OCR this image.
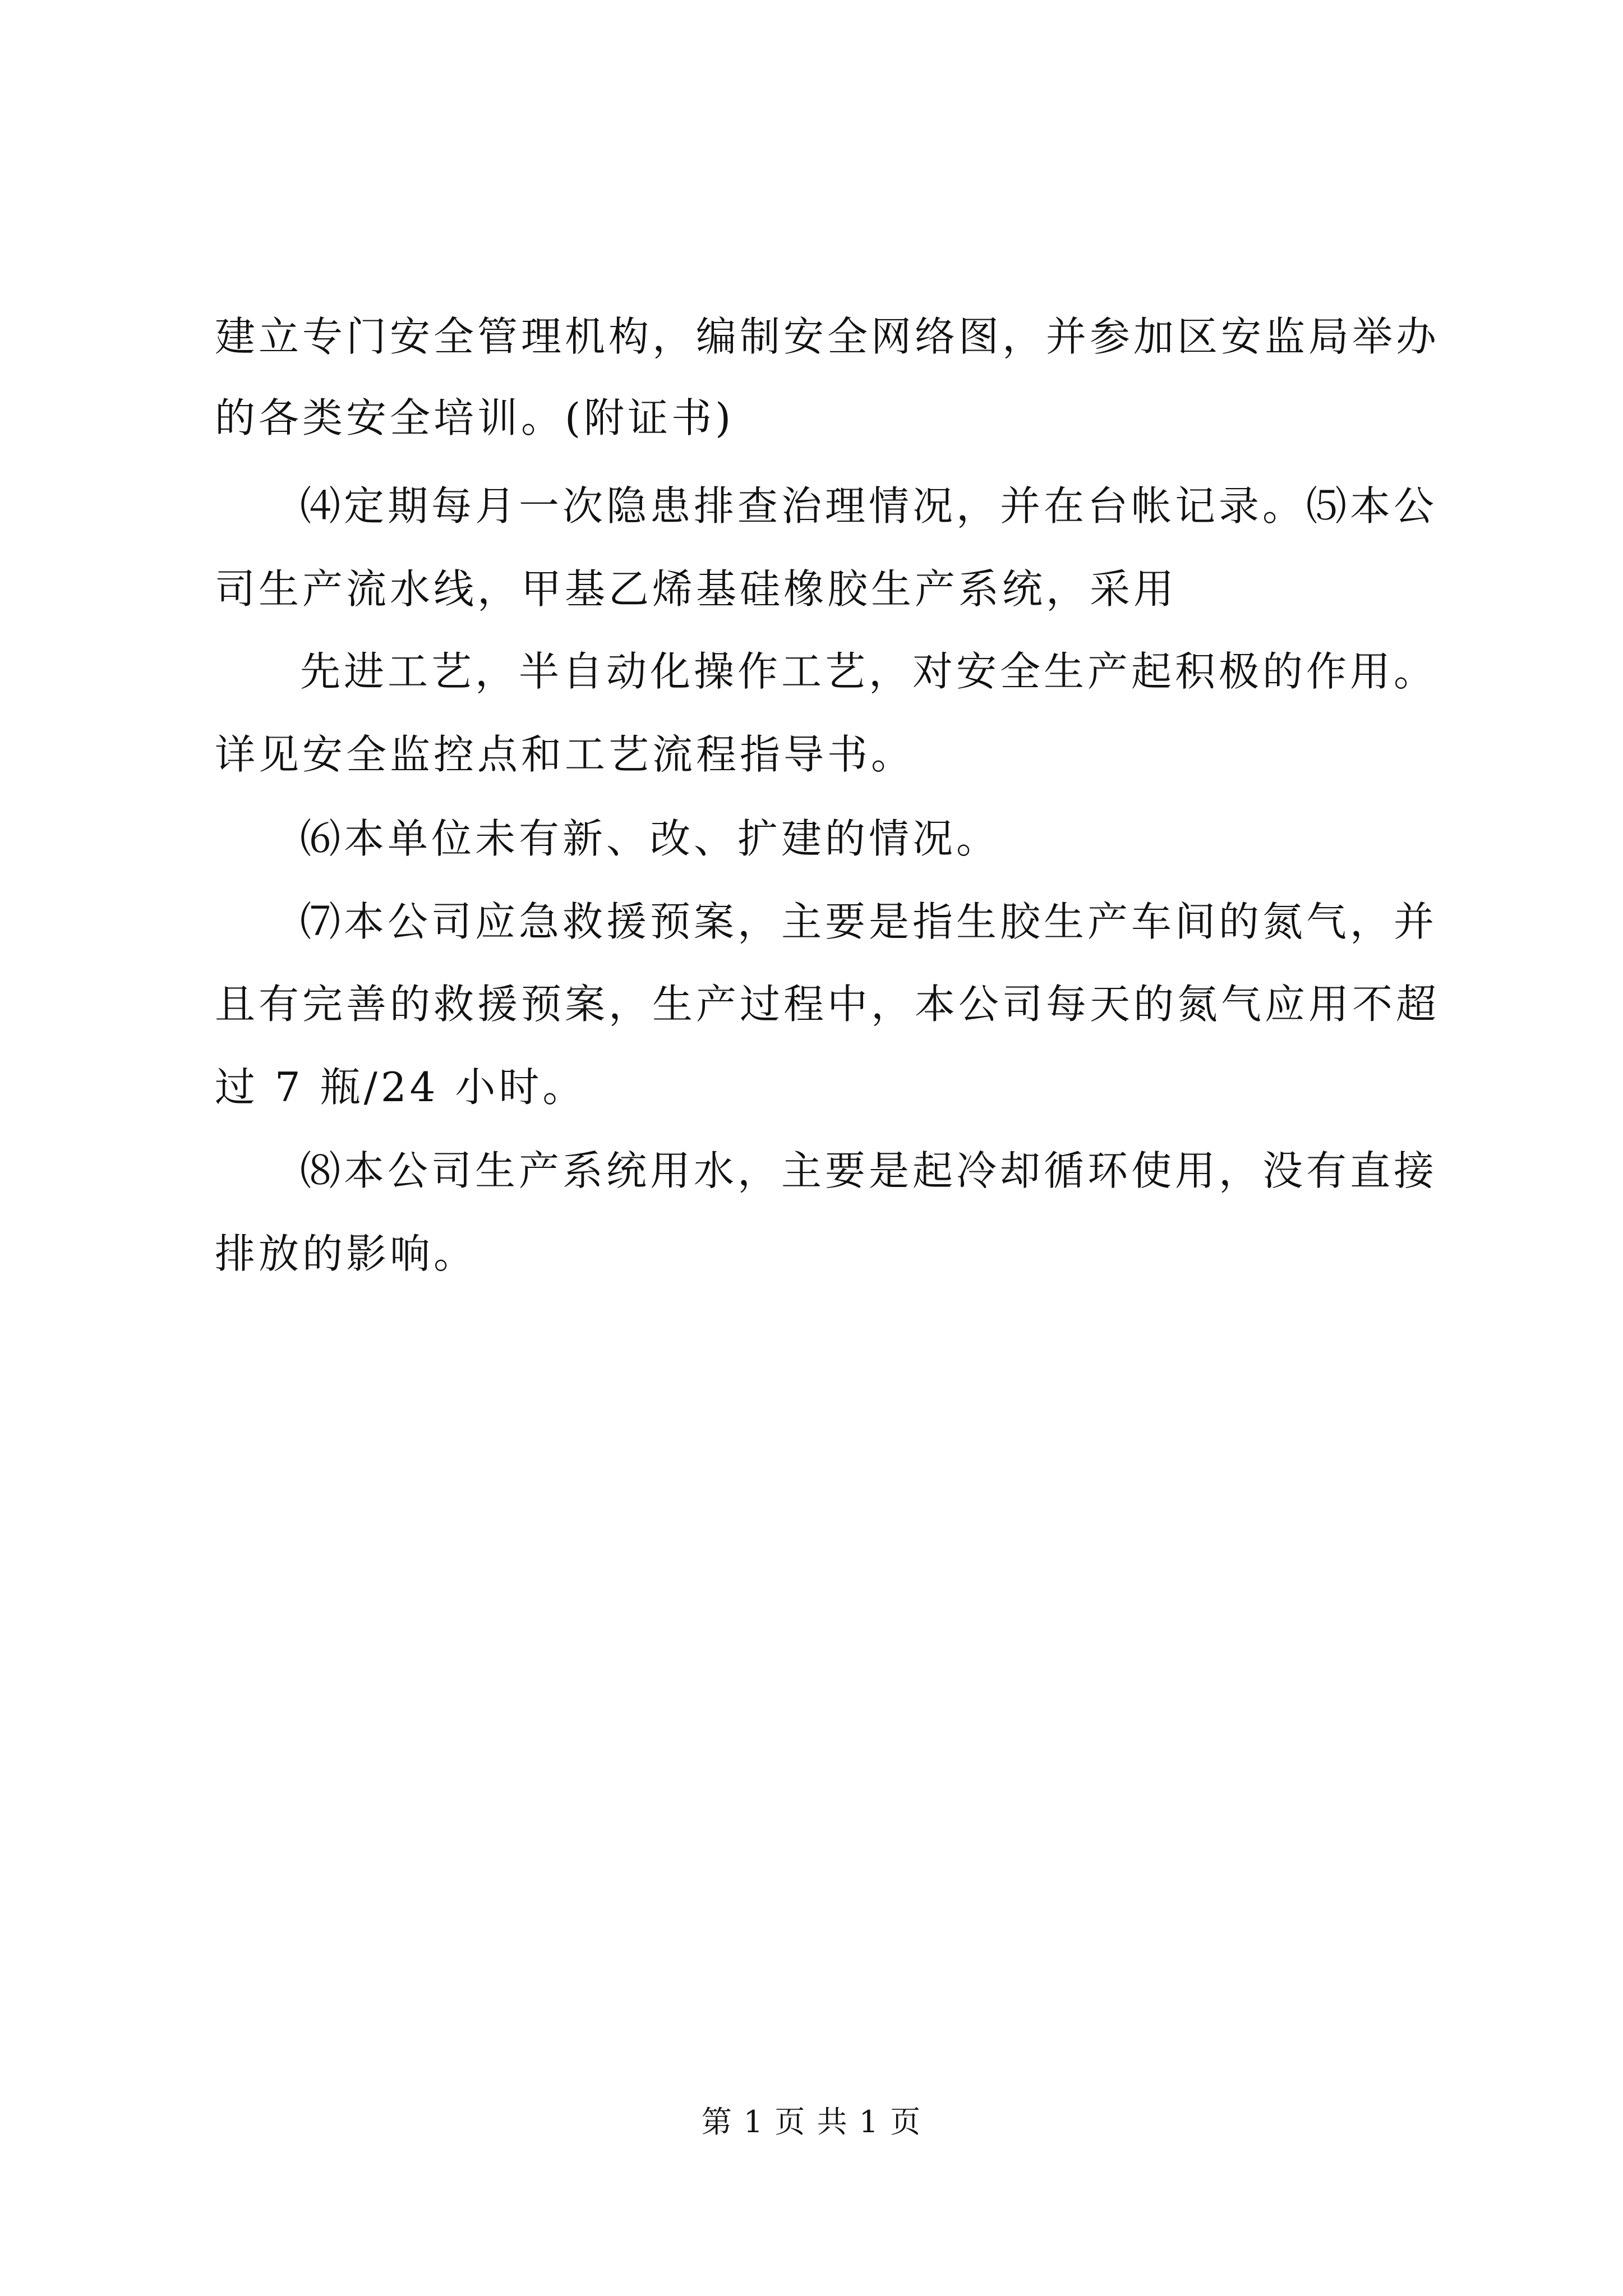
建立专门安全管理机构，编制安全网络图，并参加区安监局举办
的各类安全培训。(附证书)
⑷定期每月一次隐患排查治理情况，并在台帐记录。⑸本公
司生产流水线，甲基乙烯基硅橡胶生产系统，采用
先进工艺，半自动化操作工艺，对安全生产起积极的作用。
详见安全监控点和工艺流程指导书。
⑹本单位未有新、改、扩建的情况。
⑺本公司应急救援预案，主要是指生胶生产车间的氮气，并
且有完善的救援预案，生产过程中，本公司每天的氮气应用不超
过 7 瓶/24 小时。
⑻本公司生产系统用水，主要是起冷却循环使用，没有直接
排放的影响。
第 1 页 共 1 页
